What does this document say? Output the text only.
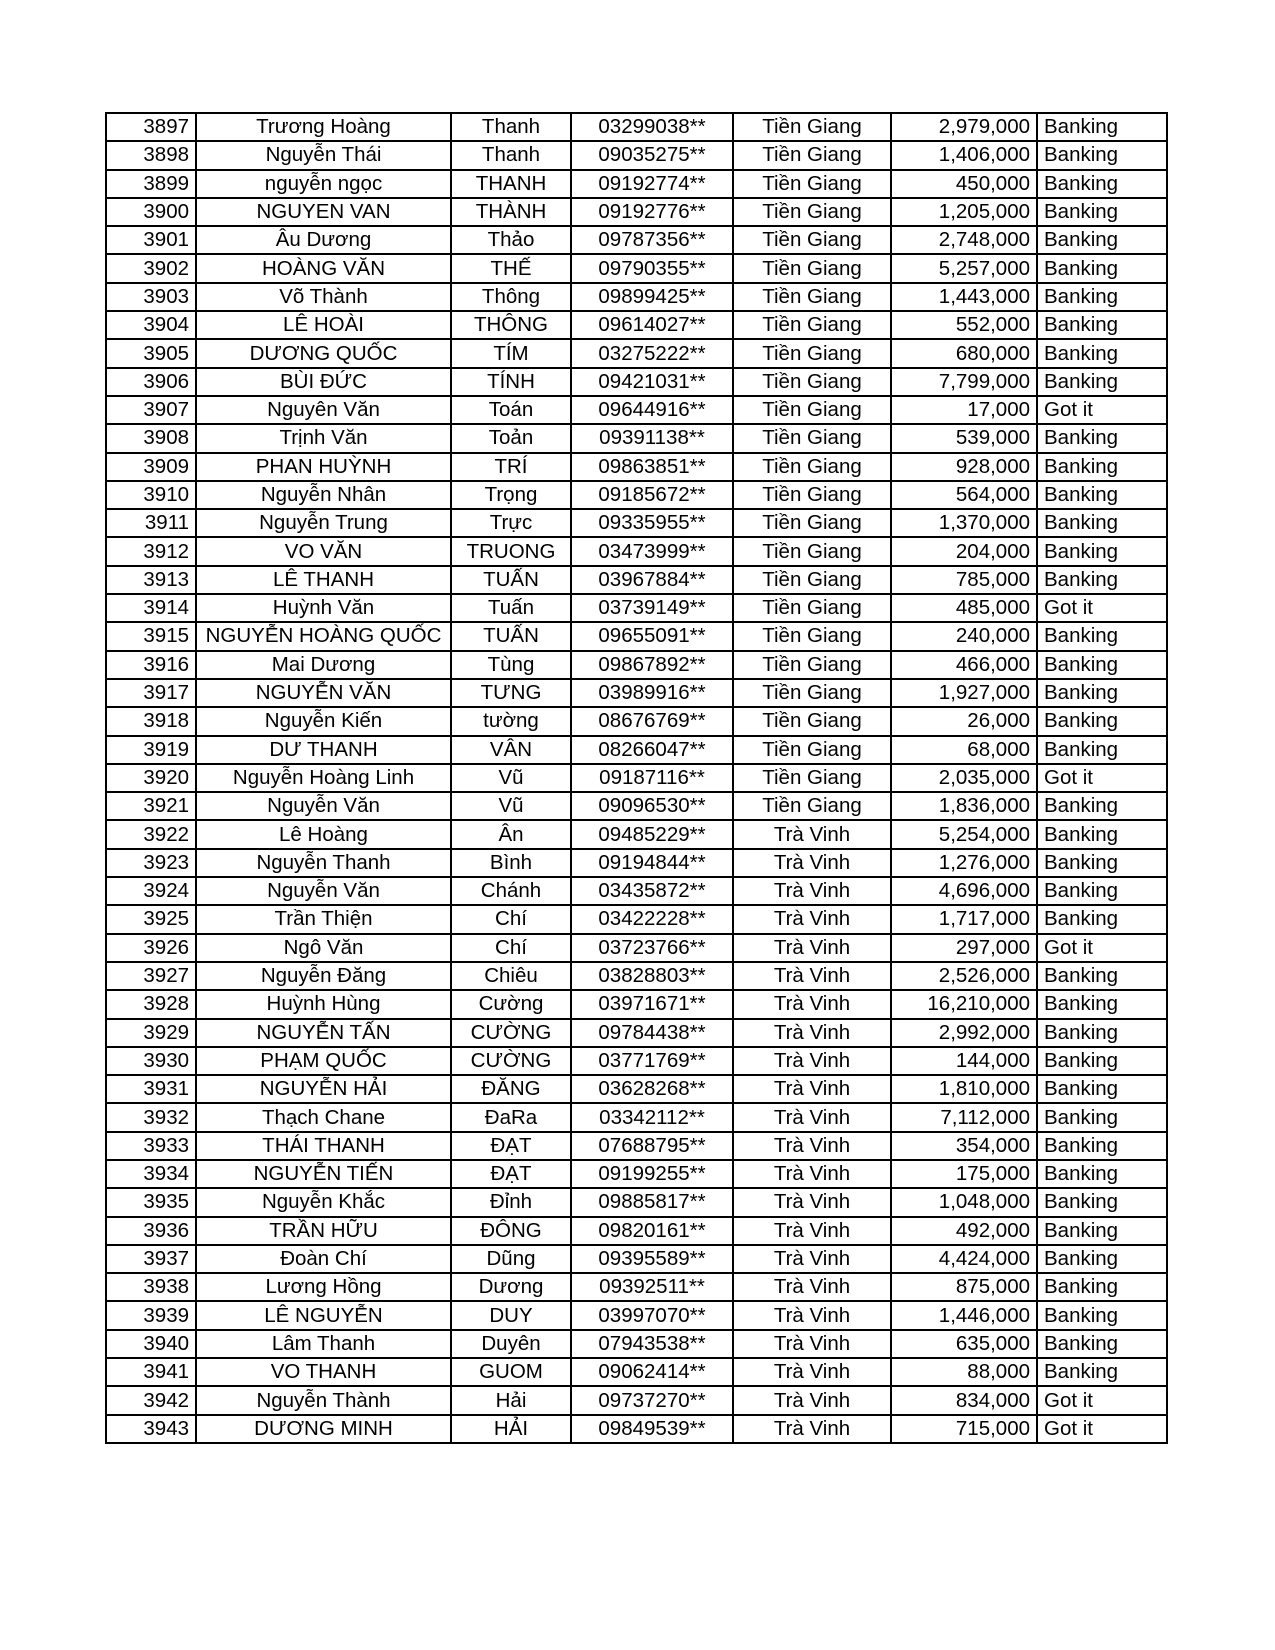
3897	Trương Hoàng	Thanh	03299038**	Tiền Giang	2,979,000	Banking
3898	Nguyễn Thái	Thanh	09035275**	Tiền Giang	1,406,000	Banking
3899	nguyễn ngọc	THANH	09192774**	Tiền Giang	450,000	Banking
3900	NGUYEN VAN	THÀNH	09192776**	Tiền Giang	1,205,000	Banking
3901	Âu Dương	Thảo	09787356**	Tiền Giang	2,748,000	Banking
3902	HOÀNG VĂN	THẾ	09790355**	Tiền Giang	5,257,000	Banking
3903	Võ Thành	Thông	09899425**	Tiền Giang	1,443,000	Banking
3904	LÊ HOÀI	THÔNG	09614027**	Tiền Giang	552,000	Banking
3905	DƯƠNG QUỐC	TÍM	03275222**	Tiền Giang	680,000	Banking
3906	BÙI ĐỨC	TÍNH	09421031**	Tiền Giang	7,799,000	Banking
3907	Nguyên Văn	Toán	09644916**	Tiền Giang	17,000	Got it
3908	Trịnh Văn	Toản	09391138**	Tiền Giang	539,000	Banking
3909	PHAN HUỲNH	TRÍ	09863851**	Tiền Giang	928,000	Banking
3910	Nguyễn Nhân	Trọng	09185672**	Tiền Giang	564,000	Banking
3911	Nguyễn Trung	Trực	09335955**	Tiền Giang	1,370,000	Banking
3912	VO VĂN	TRUONG	03473999**	Tiền Giang	204,000	Banking
3913	LÊ THANH	TUẤN	03967884**	Tiền Giang	785,000	Banking
3914	Huỳnh Văn	Tuấn	03739149**	Tiền Giang	485,000	Got it
3915	NGUYỄN HOÀNG QUỐC	TUẤN	09655091**	Tiền Giang	240,000	Banking
3916	Mai Dương	Tùng	09867892**	Tiền Giang	466,000	Banking
3917	NGUYỄN VĂN	TƯNG	03989916**	Tiền Giang	1,927,000	Banking
3918	Nguyễn Kiến	tường	08676769**	Tiền Giang	26,000	Banking
3919	DƯ THANH	VÂN	08266047**	Tiền Giang	68,000	Banking
3920	Nguyễn Hoàng Linh	Vũ	09187116**	Tiền Giang	2,035,000	Got it
3921	Nguyễn Văn	Vũ	09096530**	Tiền Giang	1,836,000	Banking
3922	Lê Hoàng	Ân	09485229**	Trà Vinh	5,254,000	Banking
3923	Nguyễn Thanh	Bình	09194844**	Trà Vinh	1,276,000	Banking
3924	Nguyễn Văn	Chánh	03435872**	Trà Vinh	4,696,000	Banking
3925	Trần Thiện	Chí	03422228**	Trà Vinh	1,717,000	Banking
3926	Ngô Văn	Chí	03723766**	Trà Vinh	297,000	Got it
3927	Nguyễn Đăng	Chiêu	03828803**	Trà Vinh	2,526,000	Banking
3928	Huỳnh Hùng	Cường	03971671**	Trà Vinh	16,210,000	Banking
3929	NGUYỄN TẤN	CƯỜNG	09784438**	Trà Vinh	2,992,000	Banking
3930	PHẠM QUỐC	CƯỜNG	03771769**	Trà Vinh	144,000	Banking
3931	NGUYỄN HẢI	ĐĂNG	03628268**	Trà Vinh	1,810,000	Banking
3932	Thạch Chane	ĐaRa	03342112**	Trà Vinh	7,112,000	Banking
3933	THÁI THANH	ĐẠT	07688795**	Trà Vinh	354,000	Banking
3934	NGUYỄN TIẾN	ĐẠT	09199255**	Trà Vinh	175,000	Banking
3935	Nguyễn Khắc	Đỉnh	09885817**	Trà Vinh	1,048,000	Banking
3936	TRẦN HỮU	ĐÔNG	09820161**	Trà Vinh	492,000	Banking
3937	Đoàn Chí	Dũng	09395589**	Trà Vinh	4,424,000	Banking
3938	Lương Hồng	Dương	09392511**	Trà Vinh	875,000	Banking
3939	LÊ NGUYỄN	DUY	03997070**	Trà Vinh	1,446,000	Banking
3940	Lâm Thanh	Duyên	07943538**	Trà Vinh	635,000	Banking
3941	VO THANH	GUOM	09062414**	Trà Vinh	88,000	Banking
3942	Nguyễn Thành	Hải	09737270**	Trà Vinh	834,000	Got it
3943	DƯƠNG MINH	HẢI	09849539**	Trà Vinh	715,000	Got it
